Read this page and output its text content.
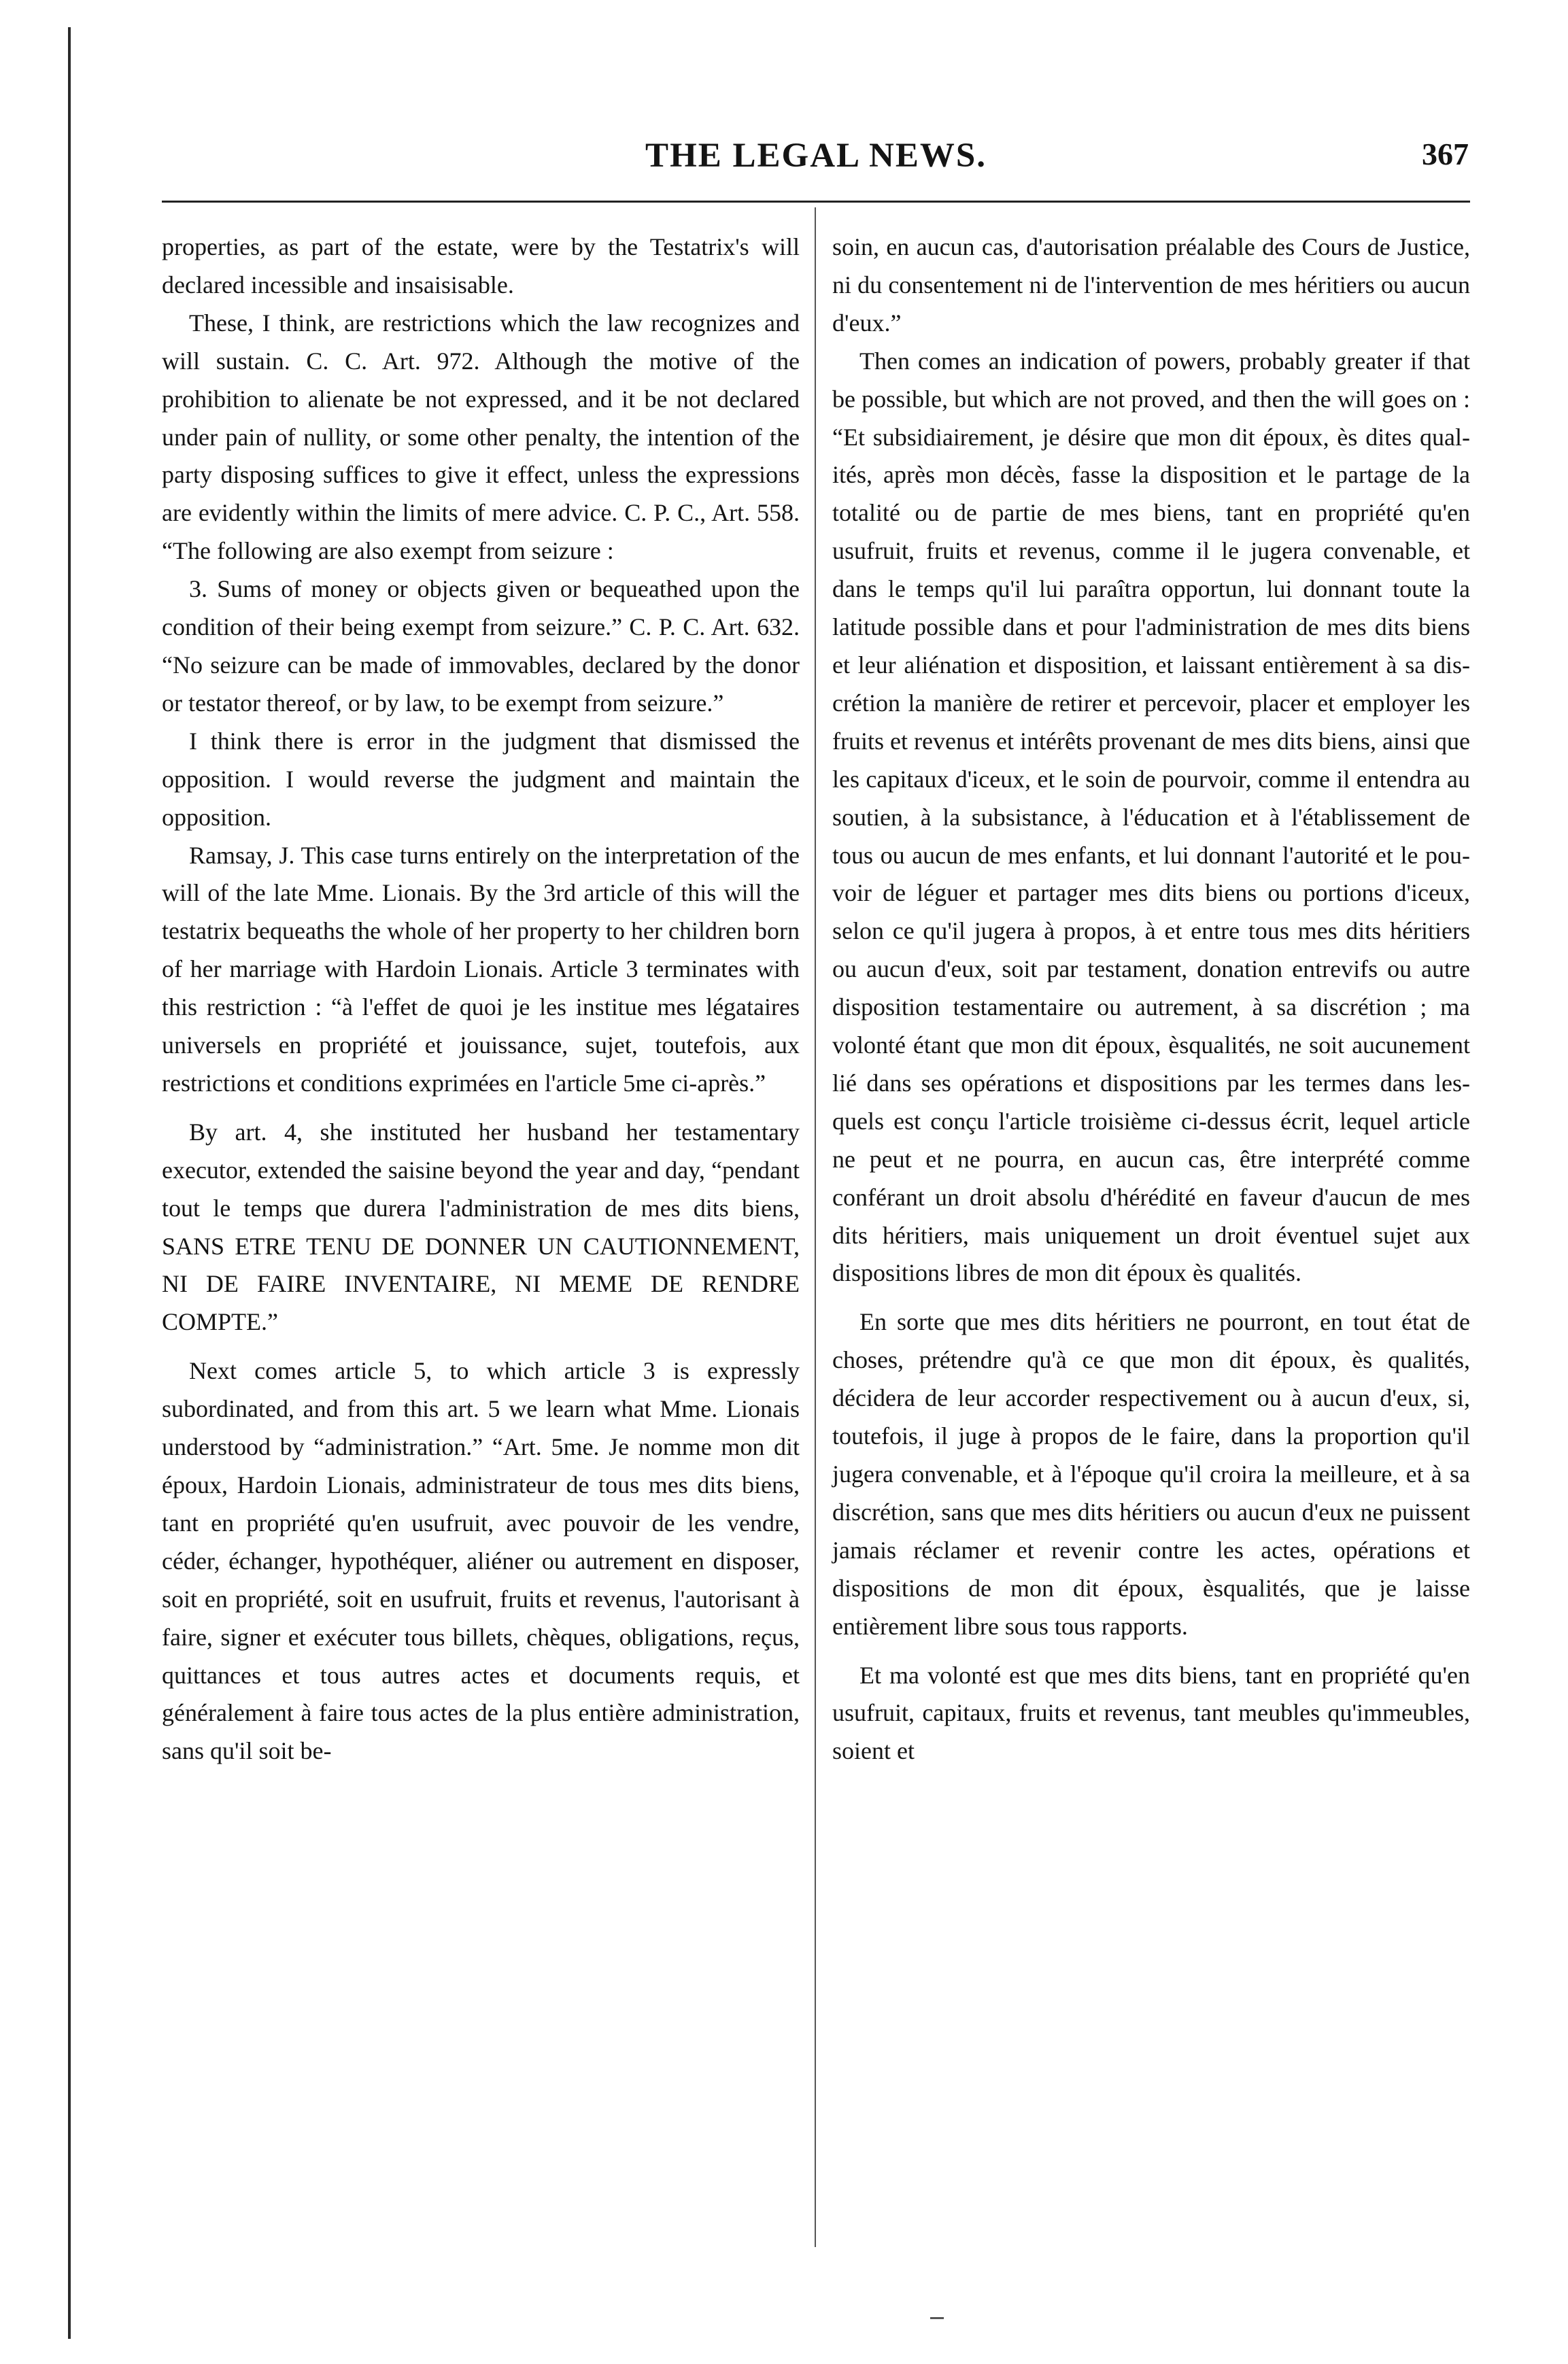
THE LEGAL NEWS.	367

properties, as part of the estate, were by the Testatrix's will declared incessible and insaisisable.

These, I think, are restrictions which the law recognizes and will sustain. C. C. Art. 972. Although the motive of the prohibition to alienate be not expressed, and it be not declared under pain of nullity, or some other penalty, the intention of the party disposing suffices to give it effect, unless the expressions are evidently within the limits of mere advice. C. P. C., Art. 558. “The following are also exempt from seizure :

3. Sums of money or objects given or bequeathed upon the condition of their being exempt from seizure.” C. P. C. Art. 632. “No seizure can be made of immovables, declared by the donor or testator thereof, or by law, to be exempt from seizure.”

I think there is error in the judgment that dismissed the opposition. I would reverse the judgment and maintain the opposition.

Ramsay, J. This case turns entirely on the interpretation of the will of the late Mme. Lionais. By the 3rd article of this will the testatrix bequeaths the whole of her property to her children born of her marriage with Hardoin Lionais. Article 3 terminates with this restriction : “à l'effet de quoi je les institue mes légataires universels en propriété et jouissance, sujet, toutefois, aux restrictions et conditions exprimées en l'article 5me ci-après.”

By art. 4, she instituted her husband her testamentary executor, extended the saisine beyond the year and day, “pendant tout le temps que durera l'administration de mes dits biens, SANS ETRE TENU DE DONNER UN CAUTIONNEMENT, NI DE FAIRE INVENTAIRE, NI MEME DE RENDRE COMPTE.”

Next comes article 5, to which article 3 is expressly subordinated, and from this art. 5 we learn what Mme. Lionais understood by “administration.” “Art. 5me. Je nomme mon dit époux, Hardoin Lionais, administrateur de tous mes dits biens, tant en propriété qu'en usufruit, avec pouvoir de les vendre, céder, échanger, hypothéquer, aliéner ou autrement en disposer, soit en propriété, soit en usufruit, fruits et revenus, l'autorisant à faire, signer et exécuter tous billets, chèques, obligations, reçus, quittances et tous autres actes et documents requis, et généralement à faire tous actes de la plus entière administration, sans qu'il soit be-

soin, en aucun cas, d'autorisation préalable des Cours de Justice, ni du consentement ni de l'intervention de mes héritiers ou aucun d'eux.”

Then comes an indication of powers, probably greater if that be possible, but which are not proved, and then the will goes on : “Et subsidiairement, je désire que mon dit époux, ès dites qualités, après mon décès, fasse la disposition et le partage de la totalité ou de partie de mes biens, tant en propriété qu'en usufruit, fruits et revenus, comme il le jugera convenable, et dans le temps qu'il lui paraîtra opportun, lui donnant toute la latitude possible dans et pour l'administration de mes dits biens et leur aliénation et disposition, et laissant entièrement à sa discrétion la manière de retirer et percevoir, placer et employer les fruits et revenus et intérêts provenant de mes dits biens, ainsi que les capitaux d'iceux, et le soin de pourvoir, comme il entendra au soutien, à la subsistance, à l'éducation et à l'établissement de tous ou aucun de mes enfants, et lui donnant l'autorité et le pouvoir de léguer et partager mes dits biens ou portions d'iceux, selon ce qu'il jugera à propos, à et entre tous mes dits héritiers ou aucun d'eux, soit par testament, donation entrevifs ou autre disposition testamentaire ou autrement, à sa discrétion ; ma volonté étant que mon dit époux, èsqualités, ne soit aucunement lié dans ses opérations et dispositions par les termes dans lesquels est conçu l'article troisième ci-dessus écrit, lequel article ne peut et ne pourra, en aucun cas, être interprété comme conférant un droit absolu d'hérédité en faveur d'aucun de mes dits héritiers, mais uniquement un droit éventuel sujet aux dispositions libres de mon dit époux ès qualités.

En sorte que mes dits héritiers ne pourront, en tout état de choses, prétendre qu'à ce que mon dit époux, ès qualités, décidera de leur accorder respectivement ou à aucun d'eux, si, toutefois, il juge à propos de le faire, dans la proportion qu'il jugera convenable, et à l'époque qu'il croira la meilleure, et à sa discrétion, sans que mes dits héritiers ou aucun d'eux ne puissent jamais réclamer et revenir contre les actes, opérations et dispositions de mon dit époux, èsqualités, que je laisse entièrement libre sous tous rapports.

Et ma volonté est que mes dits biens, tant en propriété qu'en usufruit, capitaux, fruits et revenus, tant meubles qu'immeubles, soient et
